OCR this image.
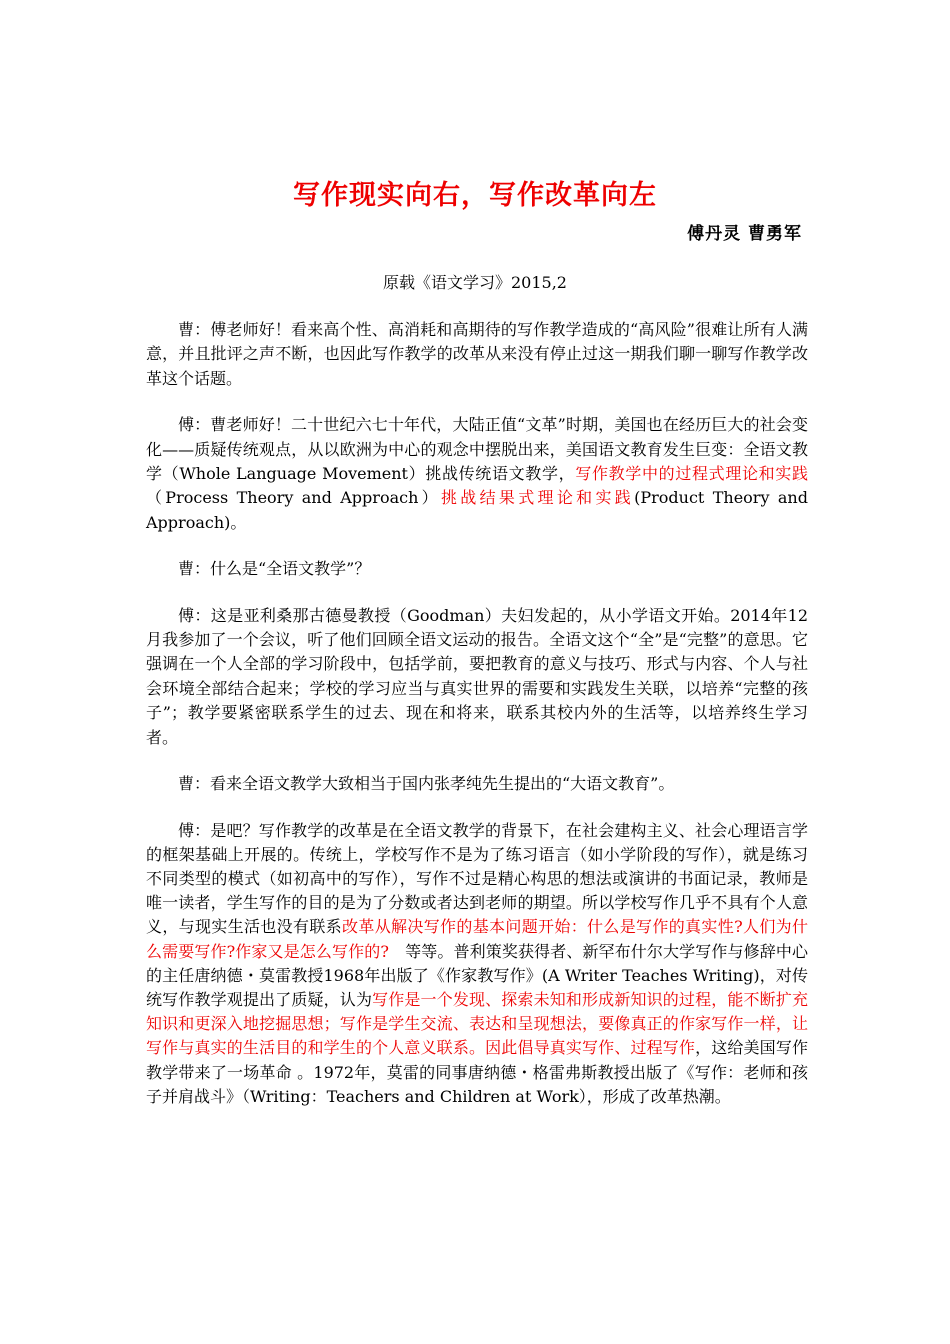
写作现实向右，写作改革向左
傅丹灵 曹勇军
原载《语文学习》2015,2

曹：傅老师好！看来高个性、高消耗和高期待的写作教学造成的“高风险”很难让所有人满意，并且批评之声不断，也因此写作教学的改革从来没有停止过这一期我们聊一聊写作教学改革这个话题。

傅：曹老师好！二十世纪六七十年代，大陆正值“文革”时期，美国也在经历巨大的社会变化——质疑传统观点，从以欧洲为中心的观念中摆脱出来，美国语文教育发生巨变：全语文教学（Whole Language Movement）挑战传统语文教学，写作教学中的过程式理论和实践（Process Theory and Approach）挑战结果式理论和实践(Product Theory and Approach)。

曹：什么是“全语文教学”？

傅：这是亚利桑那古德曼教授（Goodman）夫妇发起的，从小学语文开始。2014年12月我参加了一个会议，听了他们回顾全语文运动的报告。全语文这个“全”是“完整”的意思。它强调在一个人全部的学习阶段中，包括学前，要把教育的意义与技巧、形式与内容、个人与社会环境全部结合起来；学校的学习应当与真实世界的需要和实践发生关联，以培养“完整的孩子”；教学要紧密联系学生的过去、现在和将来，联系其校内外的生活等，以培养终生学习者。

曹：看来全语文教学大致相当于国内张孝纯先生提出的“大语文教育”。

傅：是吧？写作教学的改革是在全语文教学的背景下，在社会建构主义、社会心理语言学的框架基础上开展的。传统上，学校写作不是为了练习语言（如小学阶段的写作），就是练习不同类型的模式（如初高中的写作），写作不过是精心构思的想法或演讲的书面记录，教师是唯一读者，学生写作的目的是为了分数或者达到老师的期望。所以学校写作几乎不具有个人意义，与现实生活也没有联系改革从解决写作的基本问题开始：什么是写作的真实性?人们为什么需要写作?作家又是怎么写作的?　等等。普利策奖获得者、新罕布什尔大学写作与修辞中心的主任唐纳德・莫雷教授1968年出版了《作家教写作》(A Writer Teaches Writing)，对传统写作教学观提出了质疑，认为写作是一个发现、探索未知和形成新知识的过程，能不断扩充知识和更深入地挖掘思想；写作是学生交流、表达和呈现想法，要像真正的作家写作一样，让写作与真实的生活目的和学生的个人意义联系。因此倡导真实写作、过程写作，这给美国写作教学带来了一场革命 。1972年，莫雷的同事唐纳德・格雷弗斯教授出版了《写作：老师和孩子并肩战斗》（Writing：Teachers and Children at Work），形成了改革热潮。
